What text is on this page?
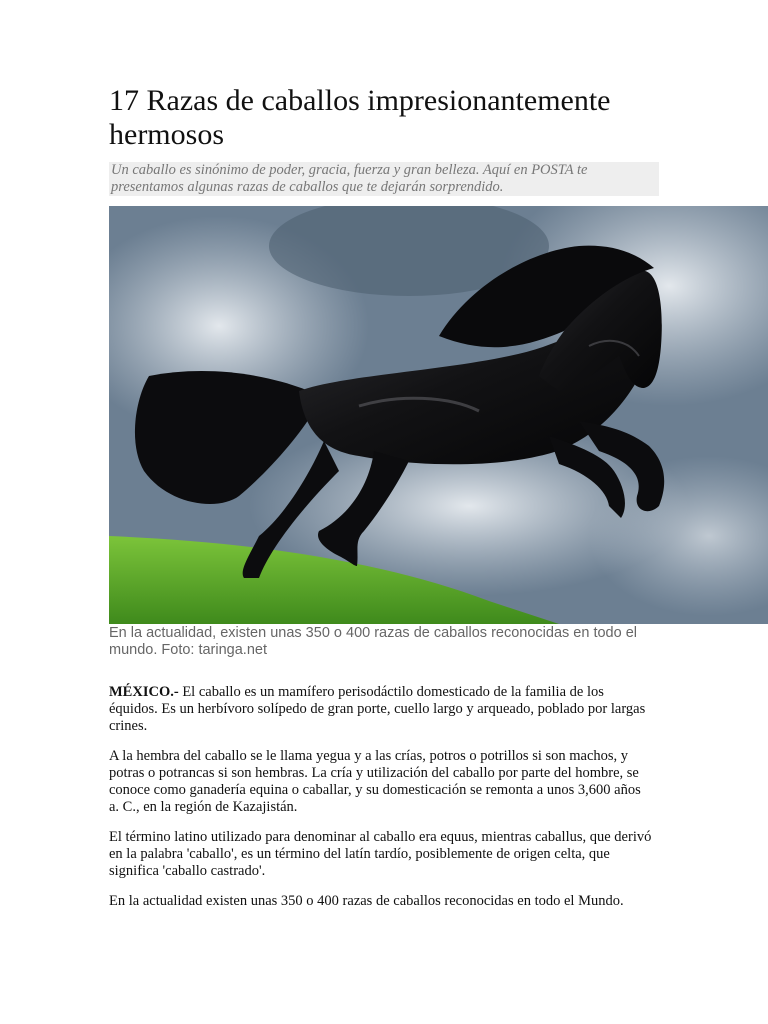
17 Razas de caballos impresionantemente hermosos
Un caballo es sinónimo de poder, gracia, fuerza y gran belleza. Aquí en POSTA te presentamos algunas razas de caballos que te dejarán sorprendido.
En la actualidad, existen unas 350 o 400 razas de caballos reconocidas en todo el mundo. Foto: taringa.net

MÉXICO.- El caballo es un mamífero perisodáctilo domesticado de la familia de los équidos. Es un herbívoro solípedo de gran porte, cuello largo y arqueado, poblado por largas crines.

A la hembra del caballo se le llama yegua y a las crías, potros o potrillos si son machos, y potras o potrancas si son hembras. La cría y utilización del caballo por parte del hombre, se conoce como ganadería equina o caballar, y su domesticación se remonta a unos 3,600 años a. C., en la región de Kazajistán.

El término latino utilizado para denominar al caballo era equus, mientras caballus, que derivó en la palabra 'caballo', es un término del latín tardío, posiblemente de origen celta, que significa 'caballo castrado'.

En la actualidad existen unas 350 o 400 razas de caballos reconocidas en todo el Mundo.
